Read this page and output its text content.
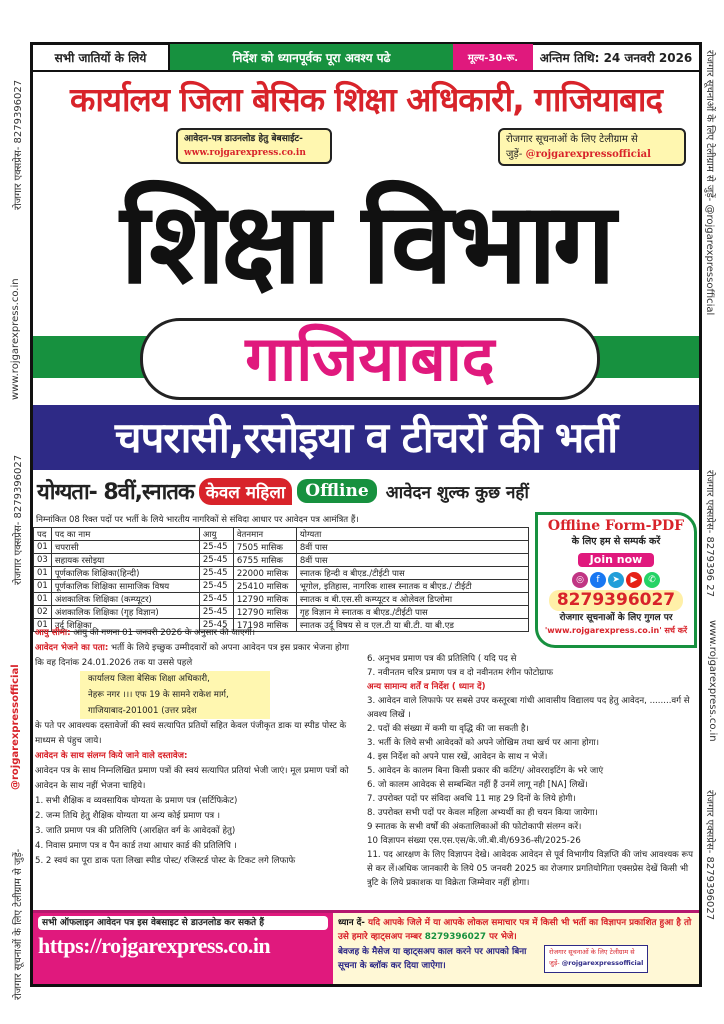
रोजगार एक्सप्रेस- 8279396027
www.rojgarexpress.co.in
रोजगार एक्सप्रेस- 8279396027
@rojgarexpressofficial
रोजगार सूचनाओं के लिए टेलीग्राम से जुड़ें-
रोजगार सूचनाओं के लिए टेलीग्राम से जुड़ें- @rojgarexpressofficial
रोजगार एक्सप्रेस- 8279396 27
www.rojgarexpress.co.in
रोजगार एक्सप्रेस- 8279396027
सभी जातियों के लिये	निर्देश को ध्यानपूर्वक पूरा अवश्य पढे	मूल्य-30-रू.	अन्तिम तिथि: 24 जनवरी 2026
कार्यालय जिला बेसिक शिक्षा अधिकारी, गाजियाबाद
शिक्षा विभाग
आवेदन-पत्र डाउनलोड हेतु बेबसाईट-
www.rojgarexpress.co.in
रोजगार सूचनाओं के लिए टेलीग्राम से
जुड़ें- @rojgarexpressofficial
गाजियाबाद
चपरासी,रसोइया व टीचरों की भर्ती
योग्यता- 8वीं,स्नातक केवल महिला	Offline	आवेदन शुल्क कुछ नहीं
निम्नांकित 08 रिक्त पदों पर भर्ती के लिये भारतीय नागरिकों से संविदा आधार पर आवेदन पत्र आमंत्रित हैं।
पद	पद का नाम	आयु	वेतनमान	योग्यता
01	चपरासी	25-45	7505 मासिक	8वीं पास
03	सहायक रसोइया	25-45	6755 मासिक	8वीं पास
01	पूर्णकालिक शिक्षिका(हिन्दी)	25-45	22000 मासिक	स्नातक हिन्दी व बीएड./टीईटी पास
01	पूर्णकालिक शिक्षिका सामाजिक विषय	25-45	25410 मासिक	भूगोल, इतिहास, नागरिक शास्त्र स्नातक व बीएड./ टीईटी
01	अंशकालिक शिक्षिका (कम्प्यूटर)	25-45	12790 मासिक	स्नातक व बी.एस.सी कम्प्यूटर व ओलेवल डिप्लोमा
02	अंशकालिक शिक्षिका (गृह विज्ञान)	25-45	12790 मासिक	गृह विज्ञान मे स्नातक व बीएड./टीईटी पास
01	उर्दू शिक्षिका	25-45	17198 मासिक	स्नातक उर्दू विषय से व एल.टी या बी.टी. या बी.एड
Offline Form-PDF
के लिए हम से सम्पर्क करें
Join now
◎ f ➤ ▶ ✆
8279396027
रोजगार सूचनाओं के लिए गुगल पर
'www.rojgarexpress.co.in' सर्च करें
आयु सीमा: आयु की गणना 01 जनवरी 2026 के अनुसार की जाएगी।
आवेदन भेजने का पता: भर्ती के लिये इच्छुक उम्मीदवारों को अपना आवेदन पत्र इस प्रकार भेजना होगा कि वह दिनांक 24.01.2026 तक या उससे पहले
कार्यालय जिला बेसिक शिक्षा अधिकारी,
नेहरू नगर ।।। एफ 19 के सामने राकेश मार्ग,
गाजियाबाद-201001 (उत्तर प्रदेश
के पते पर आवश्यक दस्तावेजों की स्वयं सत्यापित प्रतियों सहित केवल पंजीकृत डाक या स्पीड पोस्ट के माध्यम से पंहुच जाये।
आवेदन के साथ संलग्न किये जाने वाले दस्तावेज:
आवेदन पत्र के साथ निम्नलिखित प्रमाण पत्रों की स्वयं सत्यापित प्रतियां भेजी जाएं। मूल प्रमाण पत्रों को आवेदन के साथ नहीं भेजना चाहिये।
1. सभी शैक्षिक व व्यवसायिक योग्यता के प्रमाण पत्र (सर्टिफिकेट)
2. जन्म तिथि हेतु शैक्षिक योग्यता या अन्य कोई प्रमाण पत्र ।
3. जाति प्रमाण पत्र की प्रतिलिपि (आरक्षित वर्ग के आवेदकों हेतु)
4. निवास प्रमाण पत्र व पैन कार्ड तथा आधार कार्ड की प्रतिलिपि ।
5. 2 स्वयं का पूरा डाक पता लिखा स्पीड पोस्ट/ रजिस्टर्ड पोस्ट के टिकट लगे लिफाफे
6. अनुभव प्रमाण पत्र की प्रतिलिपि ( यदि पद से
7. नवीनतम चरित्र प्रमाण पत्र व दो नवीनतम रंगीन फोटोग्राफ
अन्य सामान्य शर्तें व निर्देश ( ध्यान दें)
3. आवेदन वाले लिफाफे पर सबसे उपर कस्तूरबा गांधी आवासीय विद्यालय पद हेतु आवेदन, ........वर्ग से अवश्य लिखें ।
2. पदों की संख्या में कमी या वृद्धि की जा सकती है।
3. भर्ती के लिये सभी आवेदकों को अपने जोखिम तथा खर्च पर आना होगा।
4. इस निर्देश को अपने पास रखें, आवेदन के साथ न भेजें।
5. आवेदन के कालम बिना किसी प्रकार की कटिंग/ ओवरराइटिंग के भरे जाएं
6. जो कालम आवेदक से सम्बन्धित नहीं हैं उनमें लागू नही [NA] लिखें।
7. उपरोक्त पदों पर संविदा अवधि 11 माह 29 दिनों के लिये होगी।
8. उपरोक्त सभी पदों पर केवल महिला अभ्यर्थी का ही चयन किया जायेगा।
9 स्नातक के सभी वर्षों की अंकतालिकाओं की फोटोकापी संलग्न करें।
10 विज्ञापन संख्या एस.एस.एस/के.जी.बी.वी/6936-सी/2025-26
11. पद आरक्षण के लिए विज्ञापन देखे। आवेदक आवेदन से पूर्व विभागीय विज्ञप्ति की जांच आवश्यक रूप से कर लें।अधिक जानकारी के लिये 05 जनवरी 2025 का रोजगार प्रगतियोगिता एक्सप्रेस देखें किसी भी त्रुटि के लिये प्रकाशक या विक्रेता जिम्मेवार नहीं होगा।
सभी ऑफलाइन आवेदन पत्र इस वेबसाइट से डाउनलोड कर सकते हैं
https://rojgarexpress.co.in
ध्यान दें- यदि आपके जिले में या आपके लोकल समाचार पत्र में किसी भी भर्ती का विज्ञापन प्रकाशित हुआ है तो उसे हमारे व्हाट्सअप नम्बर 8279396027 पर भेजे।
बेवजह के मैसेज या व्हाट्सअप काल करने पर आपको बिना सूचना के ब्लॉक कर दिया जाऐगा।
रोजगार सूचनाओं के लिए टेलीग्राम से
जुड़ें- @rojgarexpressofficial
